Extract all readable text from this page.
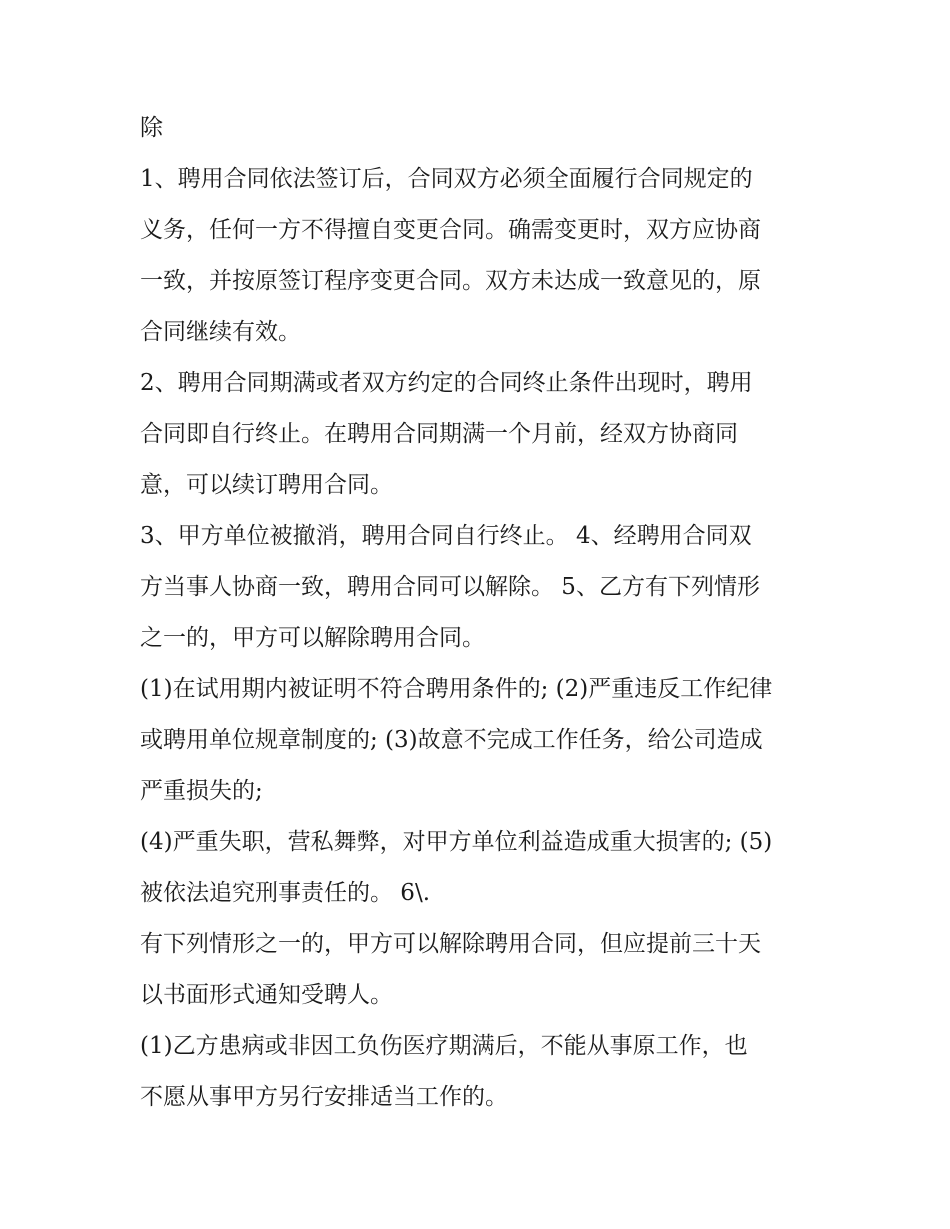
除

1、聘用合同依法签订后，合同双方必须全面履行合同规定的
义务，任何一方不得擅自变更合同。确需变更时，双方应协商
一致，并按原签订程序变更合同。双方未达成一致意见的，原
合同继续有效。

2、聘用合同期满或者双方约定的合同终止条件出现时，聘用
合同即自行终止。在聘用合同期满一个月前，经双方协商同
意，可以续订聘用合同。

3、甲方单位被撤消，聘用合同自行终止。 4、经聘用合同双
方当事人协商一致，聘用合同可以解除。 5、乙方有下列情形
之一的，甲方可以解除聘用合同。

(1)在试用期内被证明不符合聘用条件的; (2)严重违反工作纪律
或聘用单位规章制度的; (3)故意不完成工作任务，给公司造成
严重损失的;

(4)严重失职，营私舞弊，对甲方单位利益造成重大损害的; (5)
被依法追究刑事责任的。 6\.

有下列情形之一的，甲方可以解除聘用合同，但应提前三十天
以书面形式通知受聘人。

(1)乙方患病或非因工负伤医疗期满后，不能从事原工作，也
不愿从事甲方另行安排适当工作的。
